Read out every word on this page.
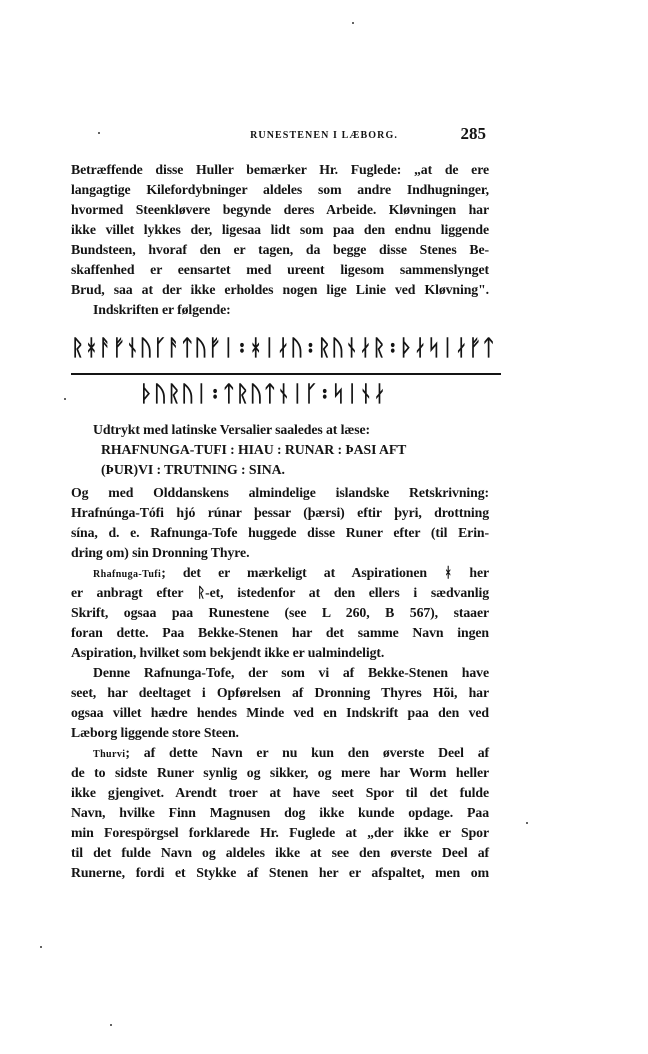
RUNESTENEN I LÆBORG.	285
Betræffende disse Huller bemærker Hr. Fuglede: „at de ere
langagtige Kilefordybninger aldeles som andre Indhugninger,
hvormed Steenkløvere begynde deres Arbeide. Kløvningen har
ikke villet lykkes der, ligesaa lidt som paa den endnu liggende
Bundsteen, hvoraf den er tagen, da begge disse Stenes Be-
skaffenhed er eensartet med ureent ligesom sammenslynget
Brud, saa at der ikke erholdes nogen lige Linie ved Kløvning".
Indskriften er følgende:
ᚱᚼᚨᚠᚾᚢᚴᚨᛏᚢᚠᛁ᛬ᚼᛁᛅᚢ᛬ᚱᚢᚾᛅᚱ᛬ᚦᛅᛋᛁᛅᚠᛏ
ᚦᚢᚱᚢᛁ᛬ᛏᚱᚢᛏᚾᛁᚴ᛬ᛋᛁᚾᛅ
Udtrykt med latinske Versalier saaledes at læse:
RHAFNUNGA-TUFI : HIAU : RUNAR : ÞASI AFT
(ÞUR)VI : TRUTNING : SINA.
Og med Olddanskens almindelige islandske Retskrivning:
Hrafnúnga-Tófi hjó rúnar þessar (þærsi) eftir þyri, drottning
sína, d. e. Rafnunga-Tofe huggede disse Runer efter (til Erin-
dring om) sin Dronning Thyre.
Rhafnuga-Tufi; det er mærkeligt at Aspirationen ᚼ her
er anbragt efter ᚱ-et, istedenfor at den ellers i sædvanlig
Skrift, ogsaa paa Runestene (see L 260, B 567), staaer
foran dette. Paa Bekke-Stenen har det samme Navn ingen
Aspiration, hvilket som bekjendt ikke er ualmindeligt.
Denne Rafnunga-Tofe, der som vi af Bekke-Stenen have
seet, har deeltaget i Opførelsen af Dronning Thyres Hõi, har
ogsaa villet hædre hendes Minde ved en Indskrift paa den ved
Læborg liggende store Steen.
Thurvi; af dette Navn er nu kun den øverste Deel af
de to sidste Runer synlig og sikker, og mere har Worm heller
ikke gjengivet. Arendt troer at have seet Spor til det fulde
Navn, hvilke Finn Magnusen dog ikke kunde opdage. Paa
min Forespörgsel forklarede Hr. Fuglede at „der ikke er Spor
til det fulde Navn og aldeles ikke at see den øverste Deel af
Runerne, fordi et Stykke af Stenen her er afspaltet, men om
